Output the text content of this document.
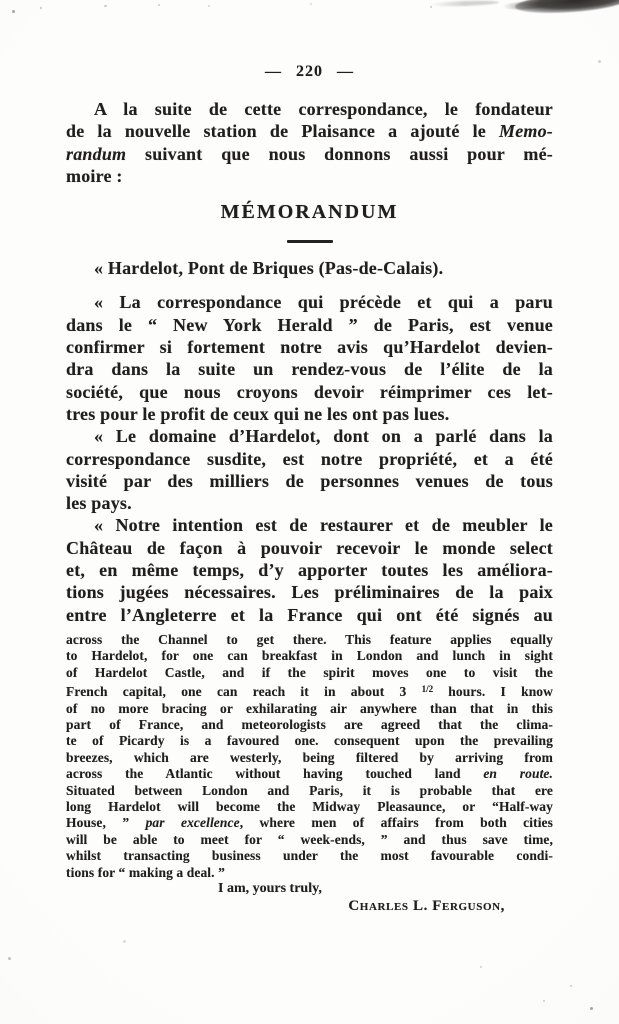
— 220 —
A la suite de cette correspondance, le fondateur
de la nouvelle station de Plaisance a ajouté le Memo-
randum suivant que nous donnons aussi pour mé-
moire :
MÉMORANDUM
« Hardelot, Pont de Briques (Pas-de-Calais).
« La correspondance qui précède et qui a paru
dans le “ New York Herald ” de Paris, est venue
confirmer si fortement notre avis qu’Hardelot devien-
dra dans la suite un rendez-vous de l’élite de la
société, que nous croyons devoir réimprimer ces let-
tres pour le profit de ceux qui ne les ont pas lues.
« Le domaine d’Hardelot, dont on a parlé dans la
correspondance susdite, est notre propriété, et a été
visité par des milliers de personnes venues de tous
les pays.
« Notre intention est de restaurer et de meubler le
Château de façon à pouvoir recevoir le monde select
et, en même temps, d’y apporter toutes les améliora-
tions jugées nécessaires. Les préliminaires de la paix
entre l’Angleterre et la France qui ont été signés au
across the Channel to get there. This feature applies equally
to Hardelot, for one can breakfast in London and lunch in sight
of Hardelot Castle, and if the spirit moves one to visit the
French capital, one can reach it in about 3 $^{1/2}$ hours. I know
of no more bracing or exhilarating air anywhere than that in this
part of France, and meteorologists are agreed that the clima-
te of Picardy is a favoured one. consequent upon the prevailing
breezes, which are westerly, being filtered by arriving from
across the Atlantic without having touched land en route.
Situated between London and Paris, it is probable that ere
long Hardelot will become the Midway Pleasaunce, or “Half-way
House, ” par excellence, where men of affairs from both cities
will be able to meet for “ week-ends, ” and thus save time,
whilst transacting business under the most favourable condi-
tions for “ making a deal. ”
I am, yours truly,
Charles L. Ferguson,
